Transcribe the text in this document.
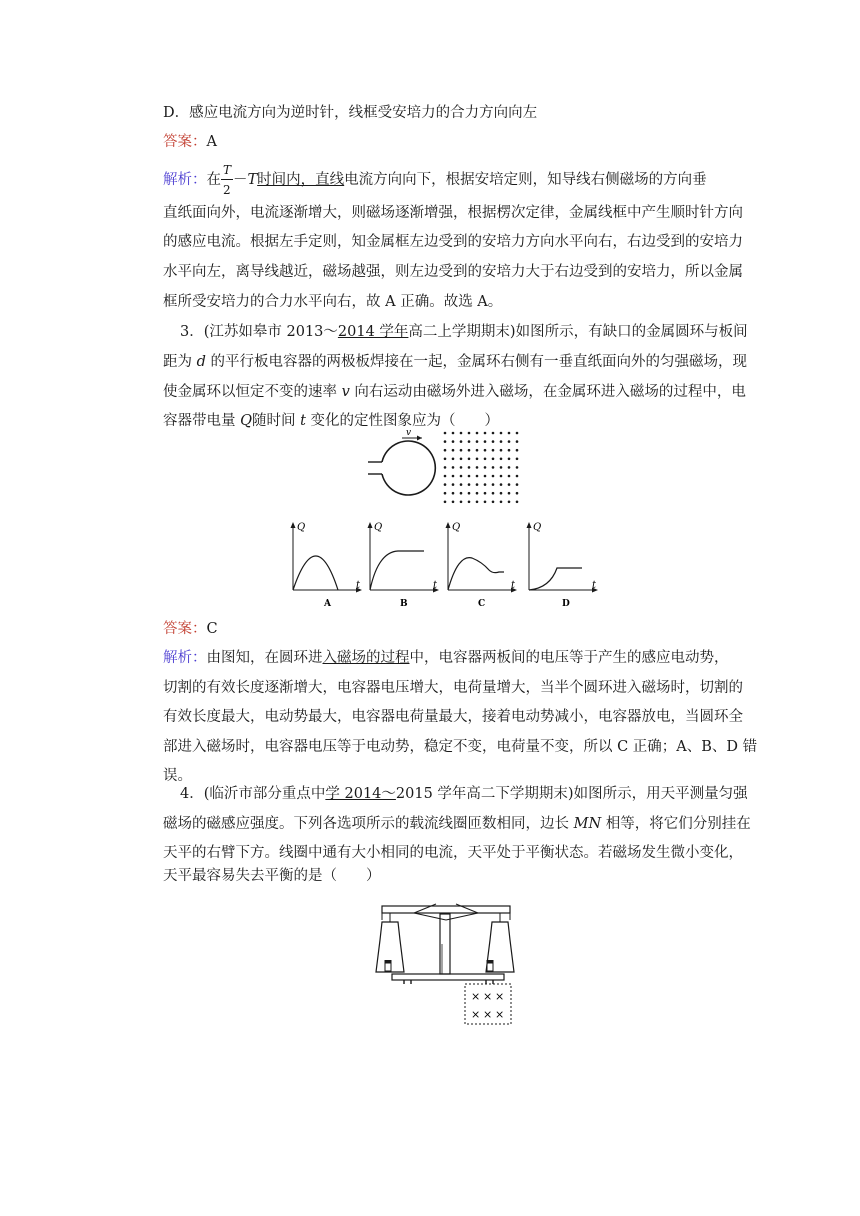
D．感应电流方向为逆时针，线框受安培力的合力方向向左
答案：A
解析：在 $\frac{T}{2} -T$时间内，直线电流方向向下，根据安培定则，知导线右侧磁场的方向垂
直纸面向外，电流逐渐增大，则磁场逐渐增强，根据楞次定律，金属线框中产生顺时针方向
的感应电流。根据左手定则，知金属框左边受到的安培力方向水平向右，右边受到的安培力
水平向左，离导线越近，磁场越强，则左边受到的安培力大于右边受到的安培力，所以金属
框所受安培力的合力水平向右，故 A 正确。故选 A。
3．(江苏如皋市 2013～2014 学年高二上学期期末)如图所示，有缺口的金属圆环与板间
距为 d 的平行板电容器的两极板焊接在一起，金属环右侧有一垂直纸面向外的匀强磁场，现
使金属环以恒定不变的速率 v 向右运动由磁场外进入磁场，在金属环进入磁场的过程中，电
容器带电量 Q随时间 t 变化的定性图象应为（　　）
v
Q
t
A
Q
t
B
Q
t
C
Q
t
D
答案：C
解析：由图知，在圆环进入磁场的过程中，电容器两板间的电压等于产生的感应电动势，
切割的有效长度逐渐增大，电容器电压增大，电荷量增大，当半个圆环进入磁场时，切割的
有效长度最大，电动势最大，电容器电荷量最大，接着电动势减小，电容器放电，当圆环全
部进入磁场时，电容器电压等于电动势，稳定不变，电荷量不变，所以 C 正确；A、B、D 错
误。
4．(临沂市部分重点中学 2014～2015 学年高二下学期期末)如图所示，用天平测量匀强
磁场的磁感应强度。下列各选项所示的载流线圈匝数相同，边长 MN 相等，将它们分别挂在
天平的右臂下方。线圈中通有大小相同的电流，天平处于平衡状态。若磁场发生微小变化，
天平最容易失去平衡的是（　　）
× × ×
× × ×
